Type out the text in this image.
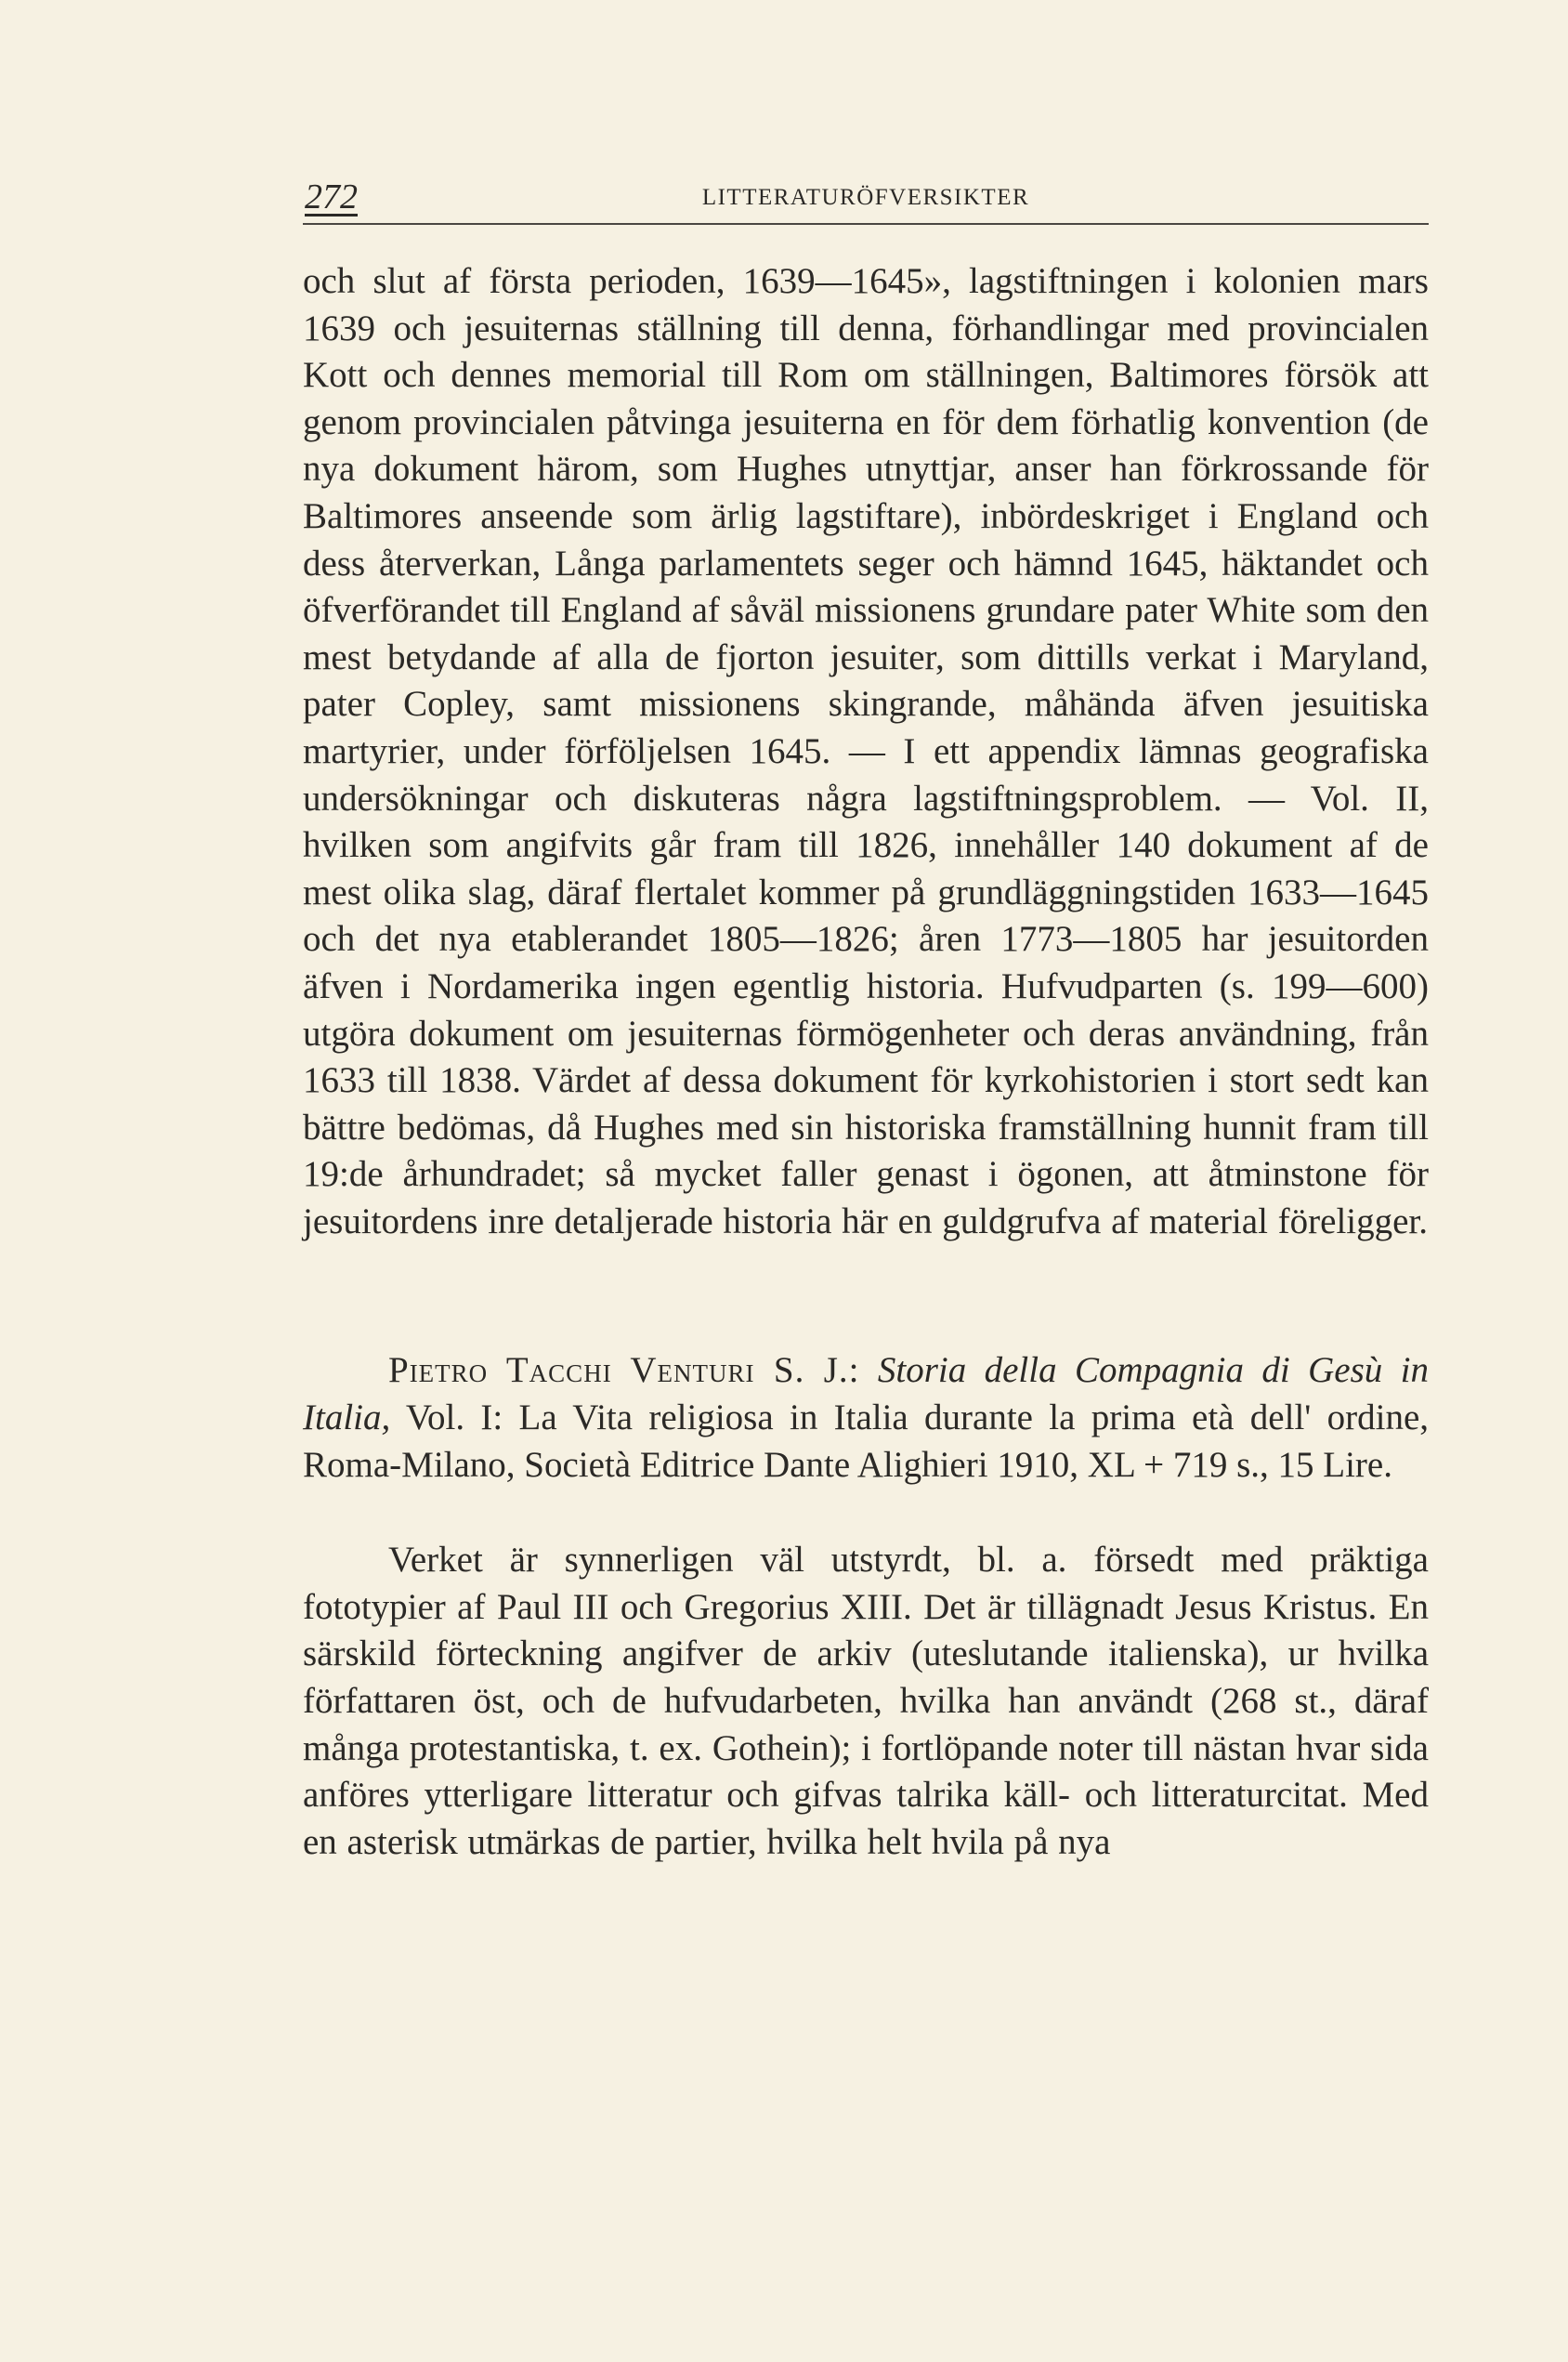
272	LITTERATURÖFVERSIKTER

och slut af första perioden, 1639—1645», lagstiftningen i kolonien mars 1639 och jesuiternas ställning till denna, förhandlingar med provincialen Kott och dennes memorial till Rom om ställningen, Baltimores försök att genom provincialen påtvinga jesuiterna en för dem förhatlig konvention (de nya dokument härom, som Hughes utnyttjar, anser han förkrossande för Baltimores anseende som ärlig lagstiftare), inbördeskriget i England och dess återverkan, Långa parlamentets seger och hämnd 1645, häktandet och öfverförandet till England af såväl missionens grundare pater White som den mest betydande af alla de fjorton jesuiter, som dittills verkat i Maryland, pater Copley, samt missionens skingrande, måhända äfven jesuitiska martyrier, under förföljelsen 1645. — I ett appendix lämnas geografiska undersökningar och diskuteras några lagstiftningsproblem. — Vol. II, hvilken som angifvits går fram till 1826, innehåller 140 dokument af de mest olika slag, däraf flertalet kommer på grundläggningstiden 1633—1645 och det nya etablerandet 1805—1826; åren 1773—1805 har jesuitorden äfven i Nordamerika ingen egentlig historia. Hufvudparten (s. 199—600) utgöra dokument om jesuiternas förmögenheter och deras användning, från 1633 till 1838. Värdet af dessa dokument för kyrkohistorien i stort sedt kan bättre bedömas, då Hughes med sin historiska framställning hunnit fram till 19:de århundradet; så mycket faller genast i ögonen, att åtminstone för jesuitordens inre detaljerade historia här en guldgrufva af material föreligger.

Pietro Tacchi Venturi S. J.: Storia della Compagnia di Gesù in Italia, Vol. I: La Vita religiosa in Italia durante la prima età dell' ordine, Roma-Milano, Società Editrice Dante Alighieri 1910, XL + 719 s., 15 Lire.

Verket är synnerligen väl utstyrdt, bl. a. försedt med präktiga fototypier af Paul III och Gregorius XIII. Det är tillägnadt Jesus Kristus. En särskild förteckning angifver de arkiv (uteslutande italienska), ur hvilka författaren öst, och de hufvudarbeten, hvilka han användt (268 st., däraf många protestantiska, t. ex. Gothein); i fortlöpande noter till nästan hvar sida anföres ytterligare litteratur och gifvas talrika käll- och litteraturcitat. Med en asterisk utmärkas de partier, hvilka helt hvila på nya
